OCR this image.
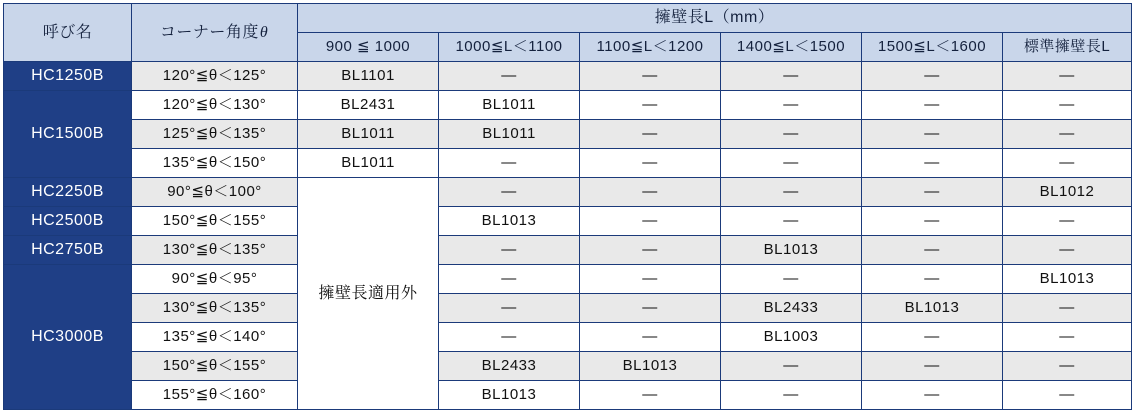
呼び名	コーナー角度θ	擁壁長L（mm）					
		900 ≦ 1000	1000≦L＜1100	1100≦L＜1200	1400≦L＜1500	1500≦L＜1600	標準擁壁長L
HC1250B	120°≦θ＜125°	BL1101	—	—	—	—	—
HC1500B	120°≦θ＜130°	BL2431	BL1011	—	—	—	—
	125°≦θ＜135°	BL1011	BL1011	—	—	—	—
	135°≦θ＜150°	BL1011	—	—	—	—	—
HC2250B	90°≦θ＜100°	擁壁長適用外	—	—	—	—	BL1012
HC2500B	150°≦θ＜155°		BL1013	—	—	—	—
HC2750B	130°≦θ＜135°		—	—	BL1013	—	—
HC3000B	90°≦θ＜95°		—	—	—	—	BL1013
	130°≦θ＜135°		—	—	BL2433	BL1013	—
	135°≦θ＜140°		—	—	BL1003	—	—
	150°≦θ＜155°		BL2433	BL1013	—	—	—
	155°≦θ＜160°		BL1013	—	—	—	—
